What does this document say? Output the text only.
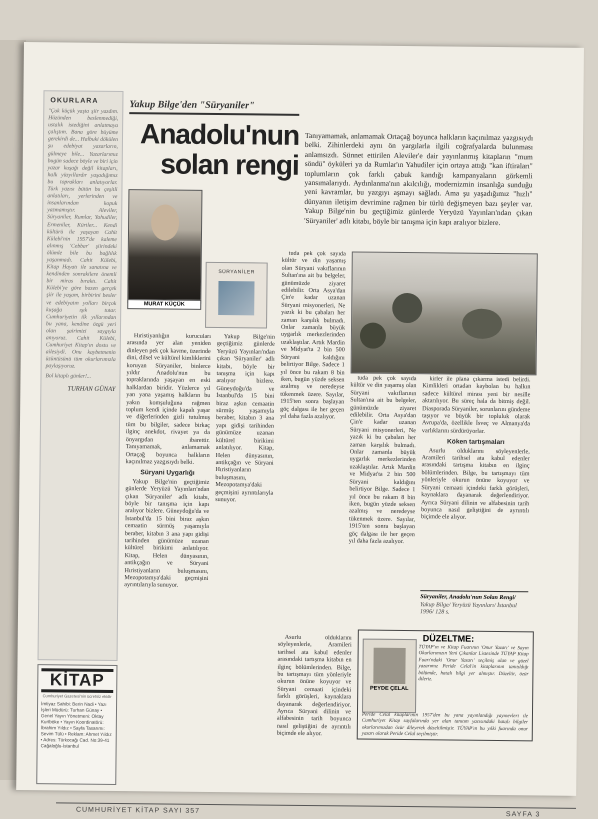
OKURLARA
"Çok küçük yaşta şiir yazdım. Hüzünden beslenmediği, ustalık istediğini anlatmaya çalıştım. Bana göre büyüme gerekirdi de... Halbuki dökülen şu edebiyat yazarların, gülmeye bile... Yazarlarımız bugün sadece böyle ve biri için yazar kuşağı değil kitapları, halk yüzyıllardır yaşadığımız bu toprakları anlatıyorlar. Türk yazısı bütün bu çeşitli anlatıları, yerlerinden ve insanlarından kopuk yazmamıştır. Aleviler, Süryaniler, Rumlar, Yahudiler, Ermeniler, Kürtler... Kendi kültürü ile yaşayan Cahit Külebi'nin 1957'de kaleme alınmış 'Cebbar' şiirindeki ölümle bile bu bağlılık yaşanmadı. Cahit Külebi, Kitap Hayatı ile sanatına ve kendinden sonrakilere önemli bir miras bıraktı. Cahit Külebi'ye göre bazen gerçek şiir ile yaşam, birbirini besler ve edebiyatın yolları birçok kuşağa ışık tutar. Cumhuriyetin ilk yıllarından bu yana, kendine özgü yeri olan şairimizi saygıyla anıyoruz. Cahit Külebi, Cumhuriyet Kitap'ın dostu ve ailesiydi. Onu kaybetmenin üzüntüsünü tüm okurlarımızla paylaşıyoruz.
Bol kitaplı günler!...
TURHAN GÜNAY
KİTAP
Cumhuriyet Gazetesi'nin ücretsiz ekidir
İmtiyaz Sahibi: Berin Nadi • Yazı İşleri Müdürü: Turhan Günay • Genel Yayın Yönetmeni: Oktay Kurtböke • Yayın Koordinatörü: İbrahim Yıldız • Sayfa Tasarımı: Sevim Tülü • Reklam: Ahmet Yıldız • Adres: Türkocağı Cad. No:39-41 Cağaloğlu-İstanbul
Yakup Bilge'den "Süryaniler"
Anadolu'nun solan rengi
MURAT KÜÇÜK
SÜRYANİLER
Tanıyamamak, anlamamak Ortaçağ boyunca halkların kaçınılmaz yazgısıydı belki. Zihinlerdeki aynı ön yargılarla ilgili coğrafyalarda bulunması anlamsızdı. Sünnet ettirilen Aleviler'e dair yayınlanmış kitapların "mum söndü" öyküleri ya da Rumlar'ın Yahudiler için ortaya attığı "kan iftiraları" toplumların çok farklı çabuk kandığı kampanyaların görkemli yansımalarıydı. Aydınlanma'nın akılcılığı, modernizmin insanlığa sunduğu yeni kavramlar, bu yazgıyı aşmayı sağladı. Ama şu yaşadığımız "hızlı" dünyanın iletişim devrimine rağmen bir türlü değişmeyen bazı şeyler var. Yakup Bilge'nin bu geçtiğimiz günlerde Yeryüzü Yayınları'ndan çıkan 'Süryaniler' adlı kitabı, böyle bir tanışma için kapı aralıyor bizlere.

Hıristiyanlığın kurucuları arasında yer alan yeniden dinleyen pek çok kavme, üzerinde dini, dilsel ve kültürel kimliklerini koruyan Süryaniler, binlerce yıldır Anadolu'nun bu topraklarında yaşayan en eski halklardan biridir. Yüzlerce yıl yan yana yaşamış halkların bu yakın komşuluğuna rağmen toplum kendi içinde kapalı yaşar ve diğerlerinden gizli tutulmuş tüm bu bilgiler, sadece birkaç ilginç anekdot, rivayet ya da önyargıdan ibarettir. Tanıyamamak, anlamamak Ortaçağ boyunca halkların kaçınılmaz yazgısıydı belki.

Süryani Uygarlığı

Yakup Bilge'nin geçtiğimiz günlerde Yeryüzü Yayınları'ndan çıkan 'Süryaniler' adlı kitabı, böyle bir tanışma için kapı aralıyor bizlere. Güneydoğu'da ve İstanbul'da 15 bini biraz aşkın cemaatin sürmüş yaşamıyla beraber, kitabın 3 ana yapı gidişi tarihinden günümüze uzanan kültürel birikimi anlatılıyor. Kitap, Helen dünyasının, antikçağın ve Süryani Hıristiyanların buluşmasını, Mezopotamya'daki geçmişini ayrıntılarıyla sunuyor.

Yakup Bilge'nin geçtiğimiz günlerde Yeryüzü Yayınları'ndan çıkan 'Süryaniler' adlı kitabı, böyle bir tanışma için kapı aralıyor bizlere. Güneydoğu'da ve İstanbul'da 15 bini biraz aşkın cemaatin sürmüş yaşamıyla beraber, kitabın 3 ana yapı gidişi tarihinden günümüze uzanan kültürel birikimi anlatılıyor. Kitap, Helen dünyasının, antikçağın ve Süryani Hıristiyanların buluşmasını, Mezopotamya'daki geçmişini ayrıntılarıyla sunuyor.

tuda pek çok sayıda kültür ve din yaşamış olan Süryani vakıflarının Sultan'ına ait bu belgeler, günümüzde ziyaret edilebilir. Orta Asya'dan Çin'e kadar uzanan Süryani misyonerleri, Ne yazık ki bu çabaları her zaman karşılık bulmadı. Onlar zamanla büyük uygarlık merkezlerinden uzaklaştılar. Artık Mardin ve Midyat'ta 2 bin 500 Süryani kaldığını belirtiyor Bilge. Sadece 1 yıl önce bu rakam 8 bin iken, bugün yüzde seksen azalmış ve neredeyse tükenmek üzere. Sayılar, 1915'ten sonra başlayan göç dalgası ile her geçen yıl daha fazla azalıyor.

tuda pek çok sayıda kültür ve din yaşamış olan Süryani vakıflarının Sultan'ına ait bu belgeler, günümüzde ziyaret edilebilir. Orta Asya'dan Çin'e kadar uzanan Süryani misyonerleri, Ne yazık ki bu çabaları her zaman karşılık bulmadı. Onlar zamanla büyük uygarlık merkezlerinden uzaklaştılar. Artık Mardin ve Midyat'ta 2 bin 500 Süryani kaldığını belirtiyor Bilge. Sadece 1 yıl önce bu rakam 8 bin iken, bugün yüzde seksen azalmış ve neredeyse tükenmek üzere. Sayılar, 1915'ten sonra başlayan göç dalgası ile her geçen yıl daha fazla azalıyor.

kirler ile plana çıkarma istedi belirdi. Kimlikleri ortadan kaybolan bu halkın sadece kültürel mirası yeni bir nesille aktarılıyor. Bu süreç hala da bitmiş değil. Diasporada Süryaniler, sorunlarını gündeme taşıyor ve büyük bir topluluk olarak Avrupa'da, özellikle İsveç ve Almanya'da varlıklarını sürdürüyorlar.

Köken tartışmaları

Asurlu olduklarını söyleyenlerle, Aramileri tarihsel ata kabul edenler arasındaki tartışma kitabın en ilginç bölümlerinden. Bilge, bu tartışmayı tüm yönleriyle okurun önüne koyuyor ve Süryani cemaati içindeki farklı görüşleri, kaynaklara dayanarak değerlendiriyor. Ayrıca Süryani dilinin ve alfabesinin tarih boyunca nasıl geliştiğini de ayrıntılı biçimde ele alıyor.

Süryaniler, Anadolu'nun Solan Rengi/
Yakup Bilge/ Yeryüzü Yayınları/ İstanbul 1996/ 128 s.

Asurlu olduklarını söyleyenlerle, Aramileri tarihsel ata kabul edenler arasındaki tartışma kitabın en ilginç bölümlerinden. Bilge, bu tartışmayı tüm yönleriyle okurun önüne koyuyor ve Süryani cemaati içindeki farklı görüşleri, kaynaklara dayanarak değerlendiriyor. Ayrıca Süryani dilinin ve alfabesinin tarih boyunca nasıl geliştiğini de ayrıntılı biçimde ele alıyor.

PEYDE ÇELAL
DÜZELTME:
TÜYAP'ın ve Kitap Fuarının 'Onur Yazarı' ve Sayın Okurlarımızın Yeni Çıkanlar Listesinde TÜYAP Kitap Fuarı'ndaki 'Onur Yazarı' seçilmiş olan ve güzel yazarımız Peride Celal'in kitaplarının tanıtıldığı bölümde, hatalı bilgi yer almıştır. Düzeltir, özür dileriz.
Peride Celal kitaplarının 1957'den bu yana yayınlandığı yayınevleri ile Cumhuriyet Kitap sayfalarında yer alan tanıtım yazısındaki hatalı bilgiler okurlarımızdan özür dileyerek düzeltilmiştir. TÜYAP'ın bu yılki fuarında onur yazarı olarak Peride Celal seçilmiştir.
CUMHURİYET KİTAP SAYI 357	SAYFA 3
